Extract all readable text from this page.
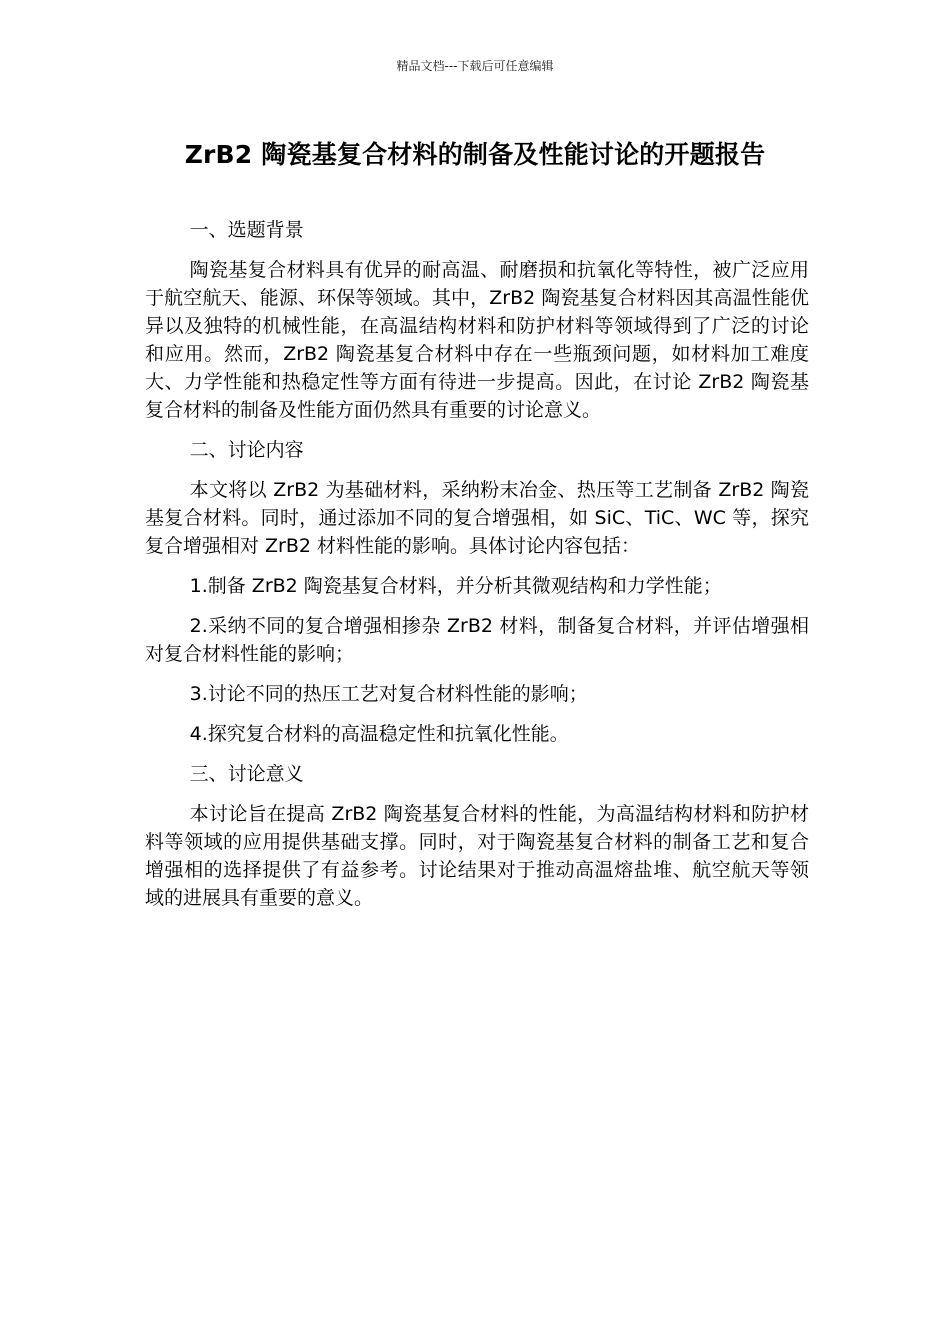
精品文档---下载后可任意编辑
ZrB2 陶瓷基复合材料的制备及性能讨论的开题报告
一、选题背景

陶瓷基复合材料具有优异的耐高温、耐磨损和抗氧化等特性，被广泛应用于航空航天、能源、环保等领域。其中，ZrB2 陶瓷基复合材料因其高温性能优异以及独特的机械性能，在高温结构材料和防护材料等领域得到了广泛的讨论和应用。然而，ZrB2 陶瓷基复合材料中存在一些瓶颈问题，如材料加工难度大、力学性能和热稳定性等方面有待进一步提高。因此，在讨论 ZrB2 陶瓷基复合材料的制备及性能方面仍然具有重要的讨论意义。

二、讨论内容

本文将以 ZrB2 为基础材料，采纳粉末冶金、热压等工艺制备 ZrB2 陶瓷基复合材料。同时，通过添加不同的复合增强相，如 SiC、TiC、WC 等，探究复合增强相对 ZrB2 材料性能的影响。具体讨论内容包括：

1.制备 ZrB2 陶瓷基复合材料，并分析其微观结构和力学性能；

2.采纳不同的复合增强相掺杂 ZrB2 材料，制备复合材料，并评估增强相对复合材料性能的影响；

3.讨论不同的热压工艺对复合材料性能的影响；

4.探究复合材料的高温稳定性和抗氧化性能。

三、讨论意义

本讨论旨在提高 ZrB2 陶瓷基复合材料的性能，为高温结构材料和防护材料等领域的应用提供基础支撑。同时，对于陶瓷基复合材料的制备工艺和复合增强相的选择提供了有益参考。讨论结果对于推动高温熔盐堆、航空航天等领域的进展具有重要的意义。
